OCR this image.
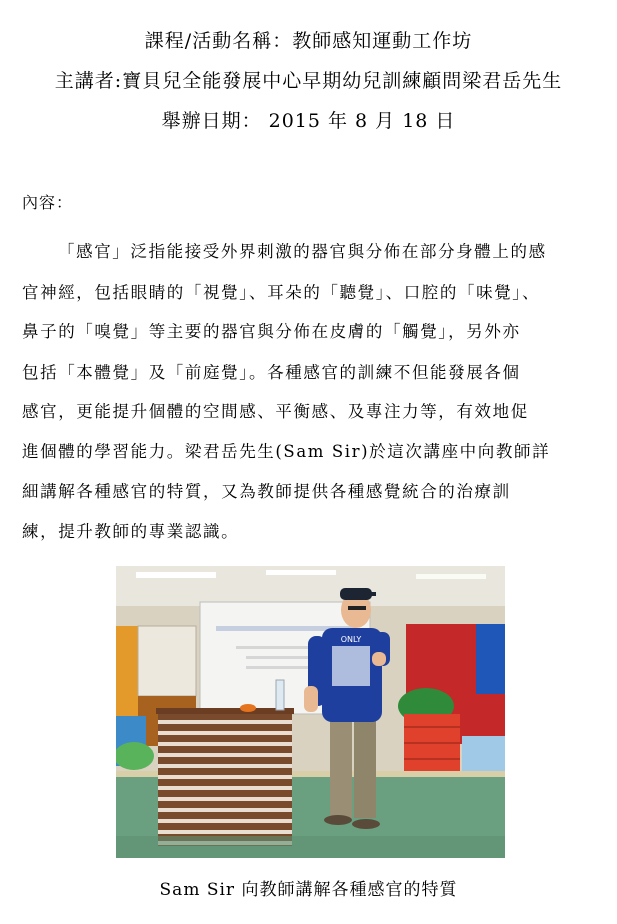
課程/活動名稱：教師感知運動工作坊
主講者:寶貝兒全能發展中心早期幼兒訓練顧問梁君岳先生
舉辦日期： 2015 年 8 月 18 日
內容：
「感官」泛指能接受外界刺激的器官與分佈在部分身體上的感
官神經，包括眼睛的「視覺」、耳朵的「聽覺」、口腔的「味覺」、
鼻子的「嗅覺」等主要的器官與分佈在皮膚的「觸覺」，另外亦
包括「本體覺」及「前庭覺」。各種感官的訓練不但能發展各個
感官，更能提升個體的空間感、平衡感、及專注力等，有效地促
進個體的學習能力。梁君岳先生(Sam Sir)於這次講座中向教師詳
細講解各種感官的特質，又為教師提供各種感覺統合的治療訓
練，提升教師的專業認識。
ONLY
Sam Sir 向教師講解各種感官的特質
